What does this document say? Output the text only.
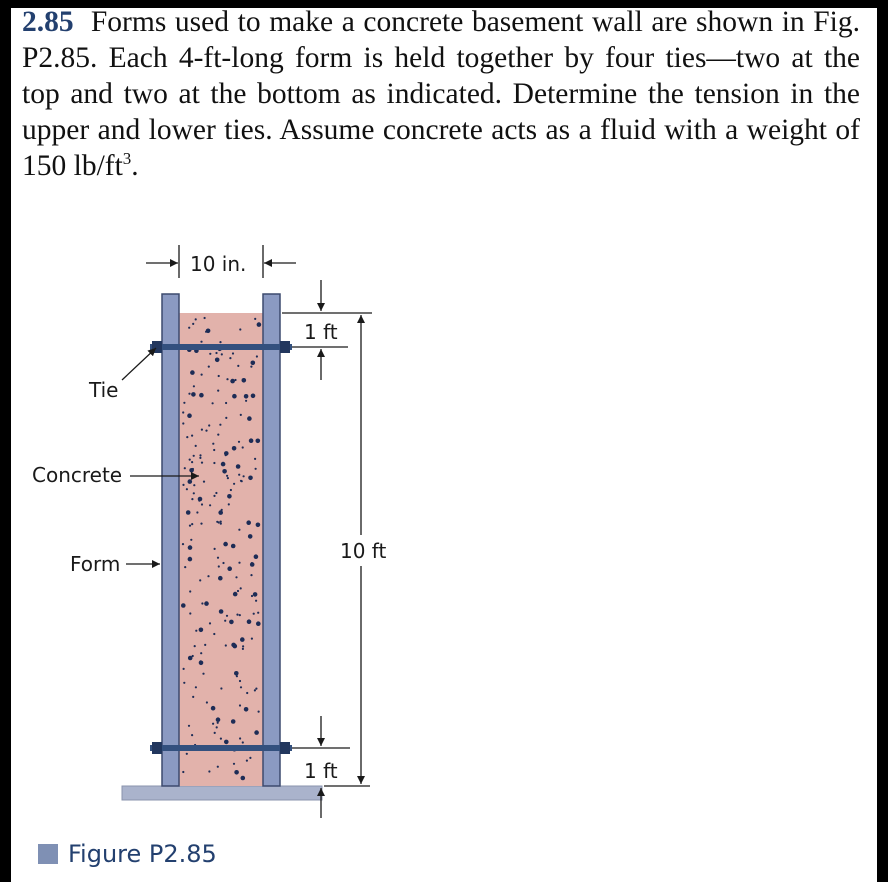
2.85 Forms used to make a concrete basement wall are shown in Fig. P2.85. Each 4-ft-long form is held together by four ties—two at the top and two at the bottom as indicated. Determine the tension in the upper and lower ties. Assume concrete acts as a fluid with a weight of 150 $lb/ft^3$.

10 in.
1 ft
1 ft
10 ft
Tie
Concrete
Form
Figure P2.85
